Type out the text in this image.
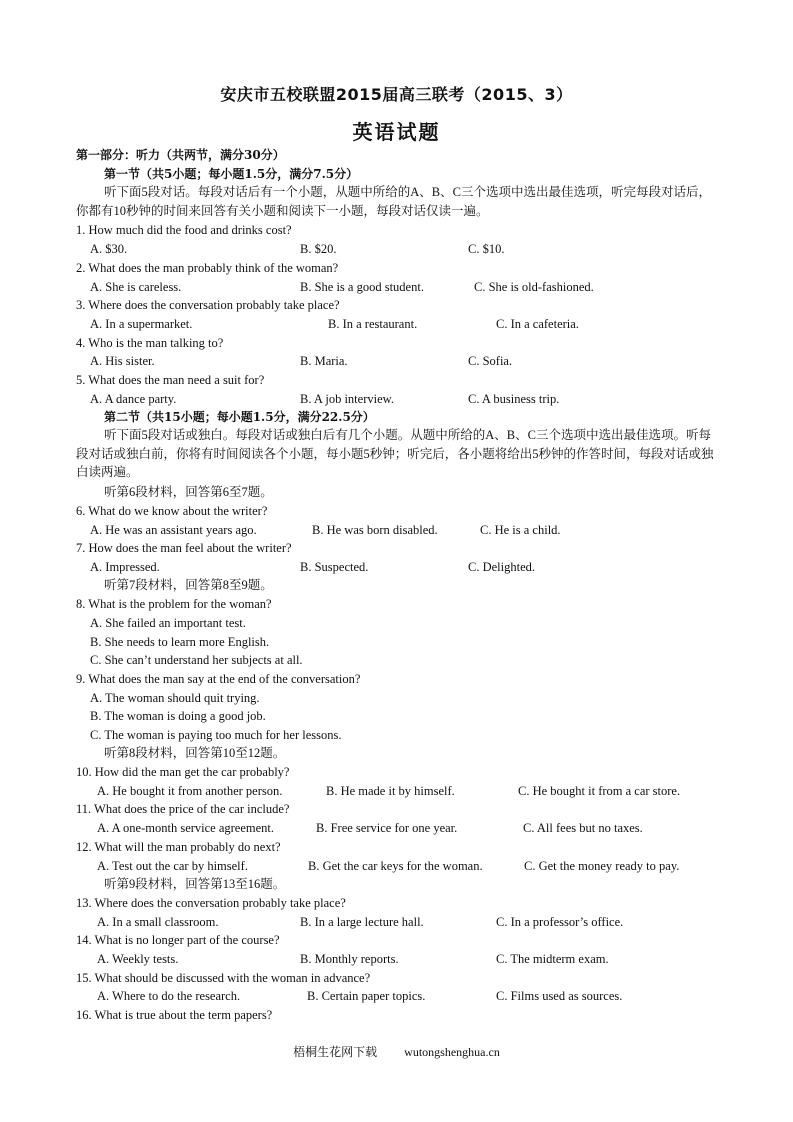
安庆市五校联盟2015届高三联考（2015、3）
英语试题
第一部分：听力（共两节，满分30分）
第一节（共5小题；每小题1.5分，满分7.5分）
听下面5段对话。每段对话后有一个小题，从题中所给的A、B、C三个选项中选出最佳选项，听完每段对话后，你都有10秒钟的时间来回答有关小题和阅读下一小题，每段对话仅读一遍。
1. How much did the food and drinks cost?
A. $30.	B. $20.	C. $10.
2. What does the man probably think of the woman?
A. She is careless.	B. She is a good student.	C. She is old-fashioned.
3. Where does the conversation probably take place?
A. In a supermarket.	B. In a restaurant.	C. In a cafeteria.
4. Who is the man talking to?
A. His sister.	B. Maria.	C. Sofia.
5. What does the man need a suit for?
A. A dance party.	B. A job interview.	C. A business trip.
第二节（共15小题；每小题1.5分，满分22.5分）
听下面5段对话或独白。每段对话或独白后有几个小题。从题中所给的A、B、C三个选项中选出最佳选项。听每段对话或独白前，你将有时间阅读各个小题，每小题5秒钟；听完后，各小题将给出5秒钟的作答时间，每段对话或独白读两遍。
听第6段材料，回答第6至7题。
6. What do we know about the writer?
A. He was an assistant years ago.	B. He was born disabled.	C. He is a child.
7. How does the man feel about the writer?
A. Impressed.	B. Suspected.	C. Delighted.
听第7段材料，回答第8至9题。
8. What is the problem for the woman?
A. She failed an important test.
B. She needs to learn more English.
C. She can’t understand her subjects at all.
9. What does the man say at the end of the conversation?
A. The woman should quit trying.
B. The woman is doing a good job.
C. The woman is paying too much for her lessons.
听第8段材料，回答第10至12题。
10. How did the man get the car probably?
A. He bought it from another person.	B. He made it by himself.	C. He bought it from a car store.
11. What does the price of the car include?
A. A one-month service agreement.	B. Free service for one year.	C. All fees but no taxes.
12. What will the man probably do next?
A. Test out the car by himself.	B. Get the car keys for the woman.	C. Get the money ready to pay.
听第9段材料，回答第13至16题。
13. Where does the conversation probably take place?
A. In a small classroom.	B. In a large lecture hall.	C. In a professor’s office.
14. What is no longer part of the course?
A. Weekly tests.	B. Monthly reports.	C. The midterm exam.
15. What should be discussed with the woman in advance?
A. Where to do the research.	B. Certain paper topics.	C. Films used as sources.
16. What is true about the term papers?
梧桐生花网下载 wutongshenghua.cn
